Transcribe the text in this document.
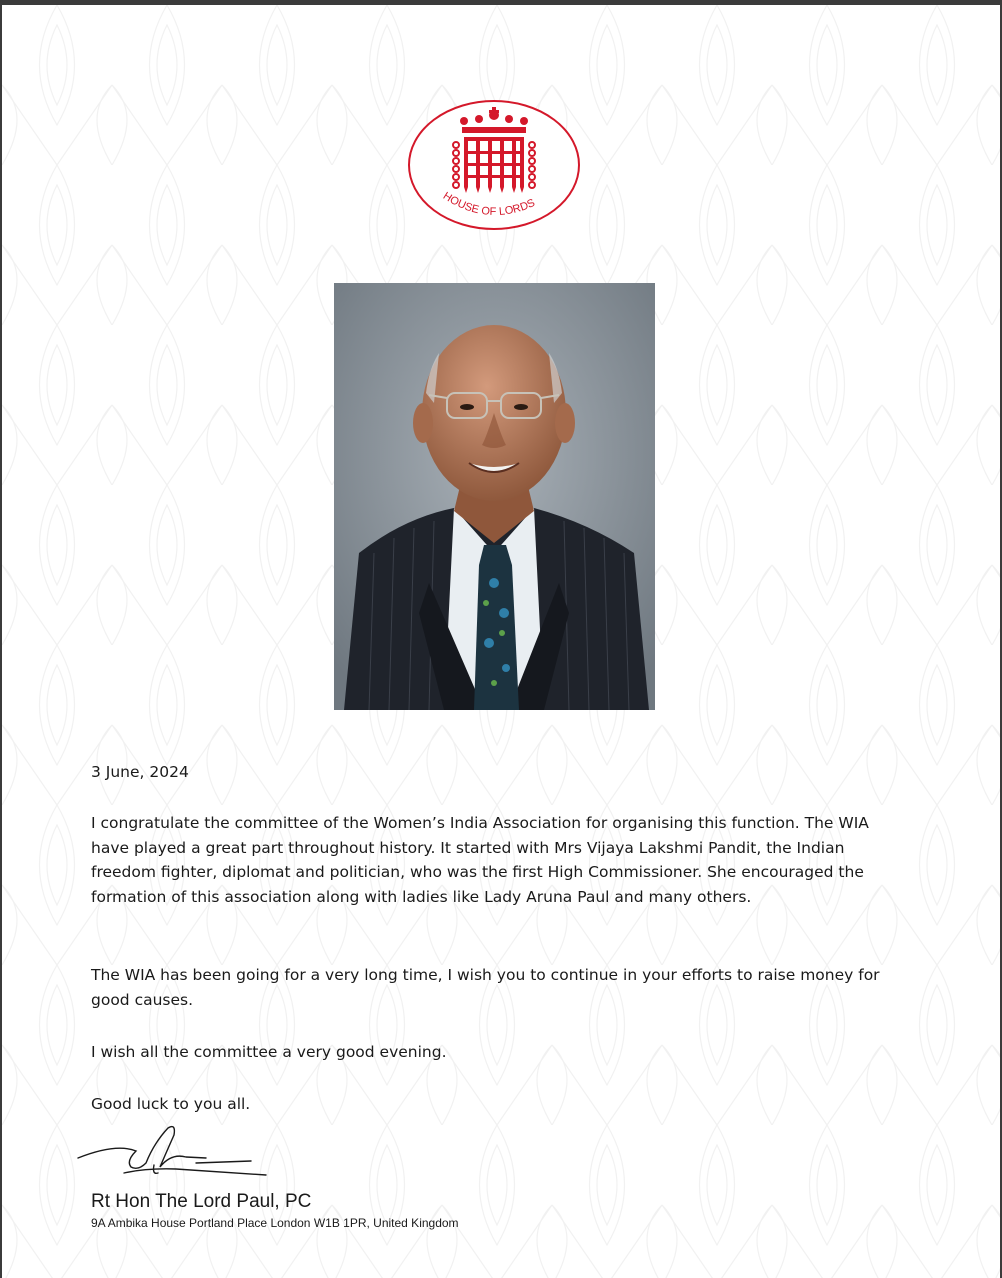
HOUSE OF LORDS
3 June, 2024
I congratulate the committee of the Women’s India Association for organising this function. The WIA have played a great part throughout history. It started with Mrs Vijaya Lakshmi Pandit, the Indian freedom fighter, diplomat and politician, who was the first High Commissioner. She encouraged the formation of this association along with ladies like Lady Aruna Paul and many others.
The WIA has been going for a very long time, I wish you to continue in your efforts to raise money for good causes.
I wish all the committee a very good evening.
Good luck to you all.
Rt Hon The Lord Paul, PC
9A Ambika House Portland Place London W1B 1PR, United Kingdom
